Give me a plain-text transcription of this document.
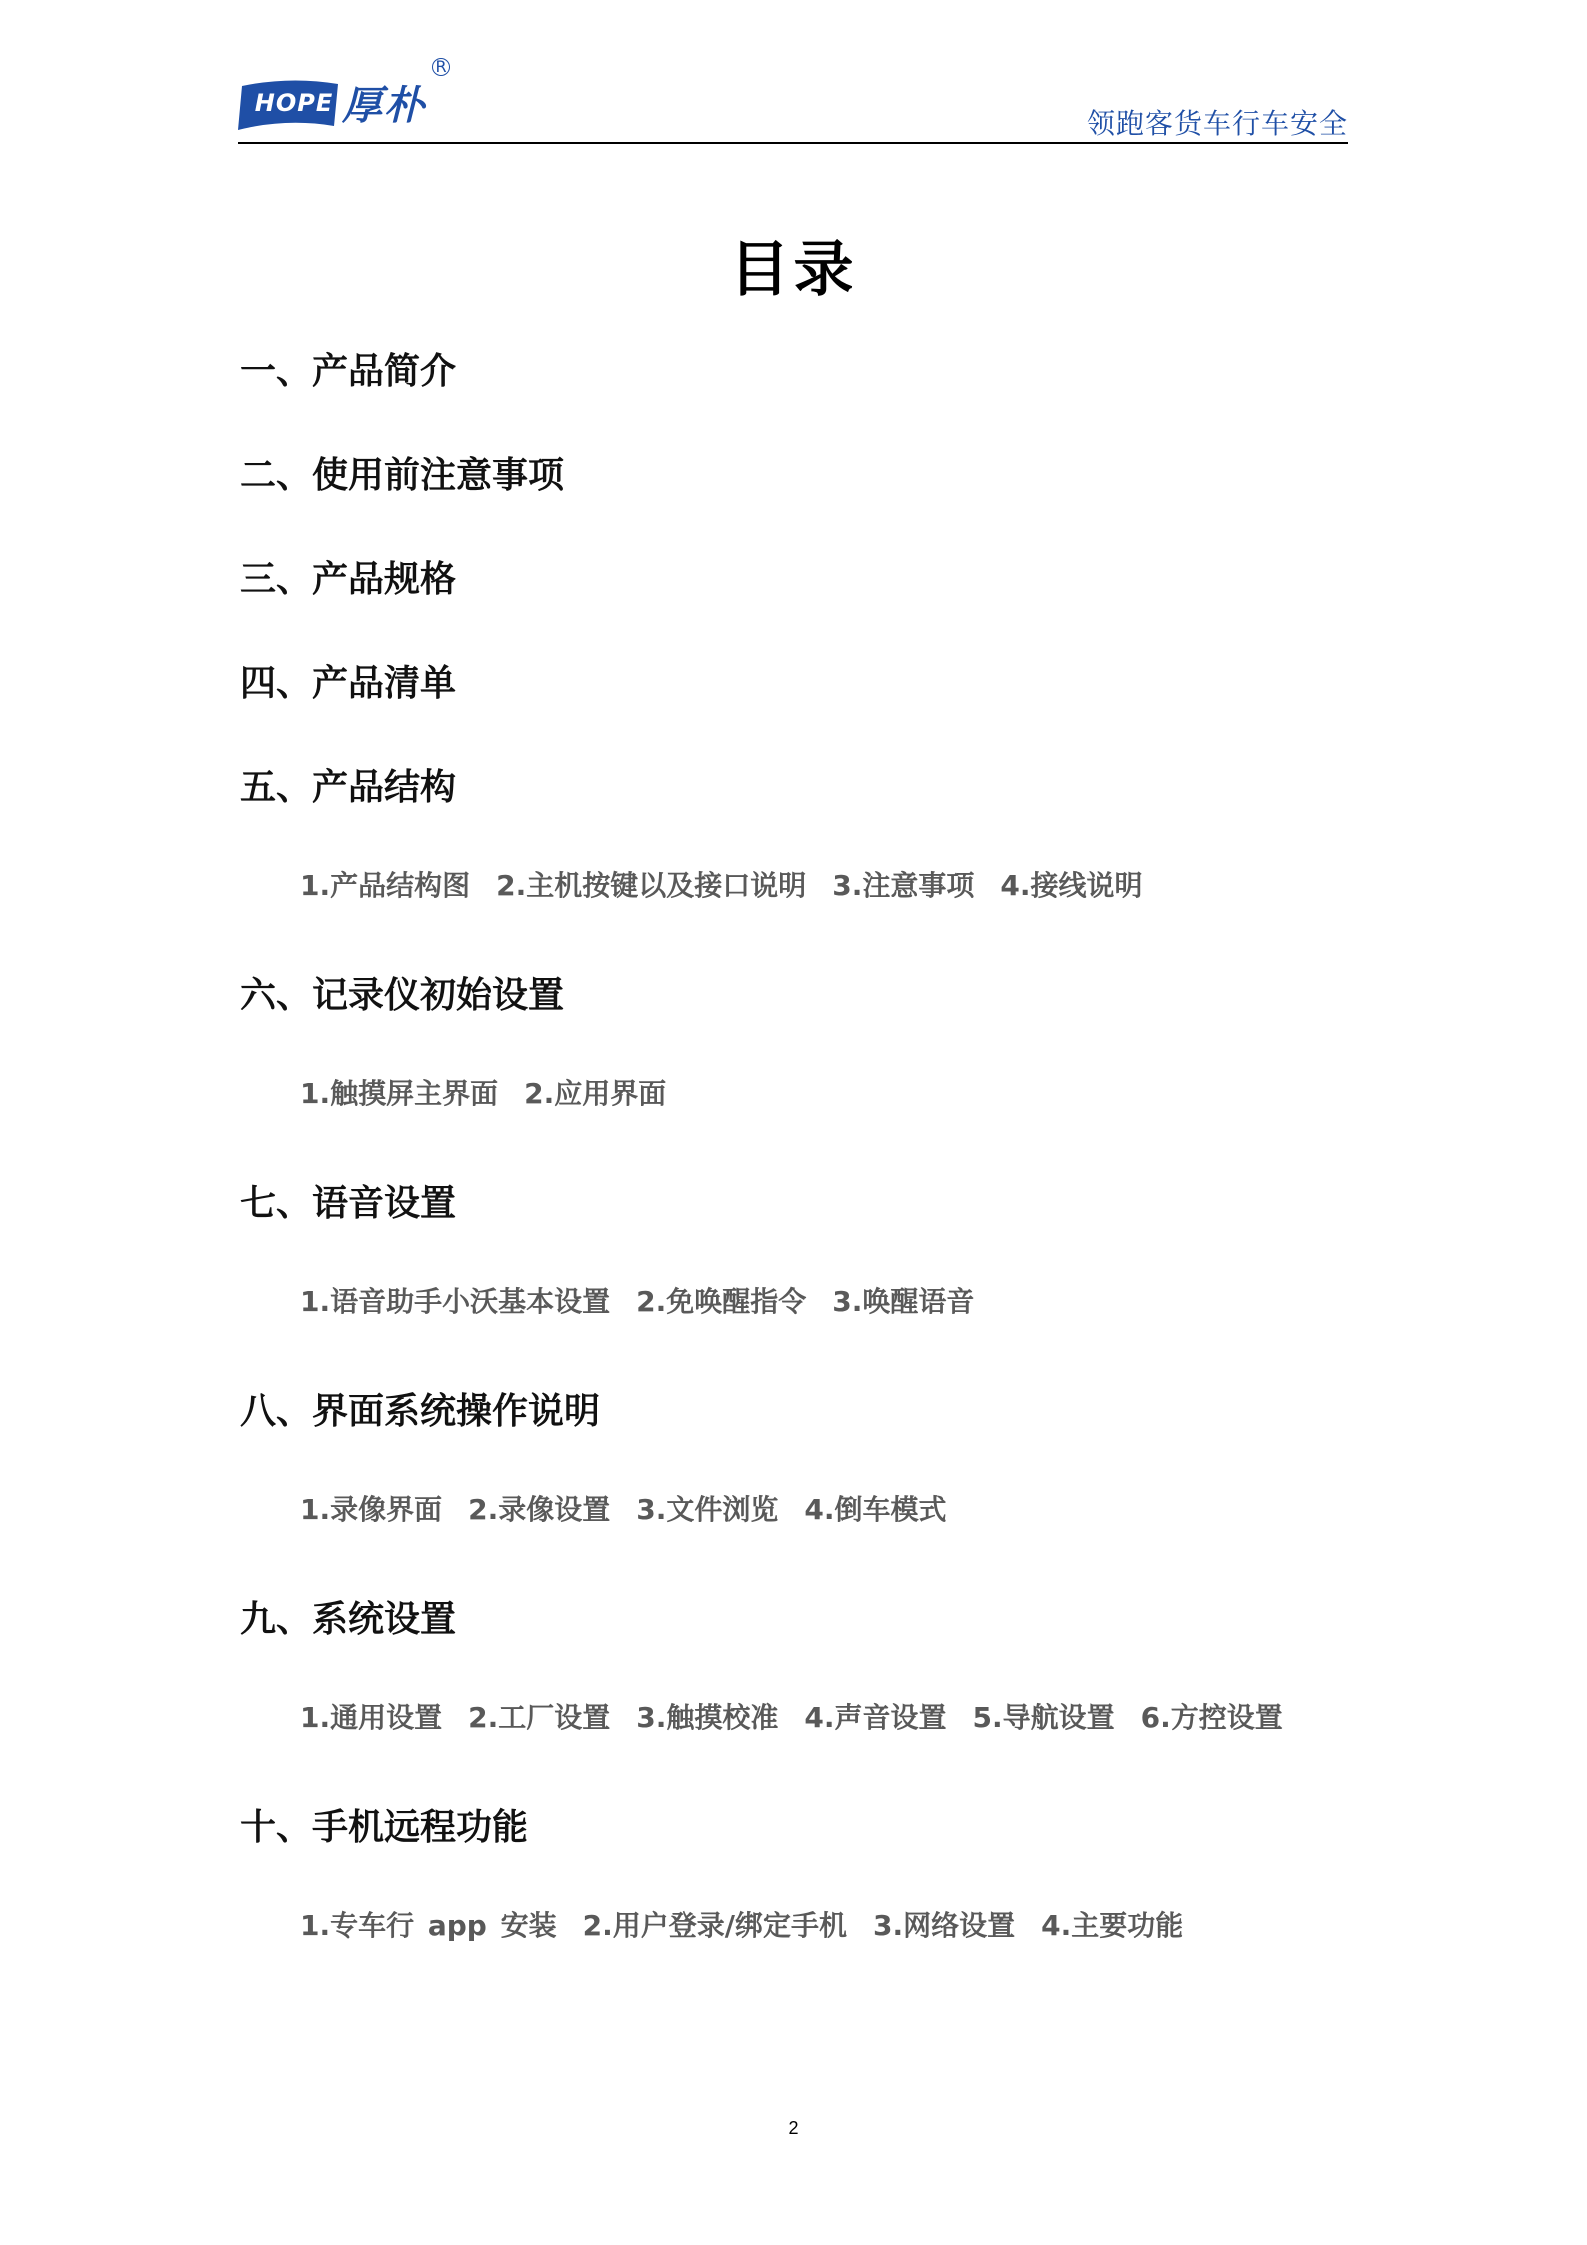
HOPE 厚朴
R
领跑客货车行车安全
目录
一、产品简介
二、使用前注意事项
三、产品规格
四、产品清单
五、产品结构
1.产品结构图 2.主机按键以及接口说明 3.注意事项 4.接线说明
六、记录仪初始设置
1.触摸屏主界面 2.应用界面
七、语音设置
1.语音助手小沃基本设置 2.免唤醒指令 3.唤醒语音
八、界面系统操作说明
1.录像界面 2.录像设置 3.文件浏览 4.倒车模式
九、系统设置
1.通用设置 2.工厂设置 3.触摸校准 4.声音设置 5.导航设置 6.方控设置
十、手机远程功能
1.专车行 app 安装 2.用户登录/绑定手机 3.网络设置 4.主要功能
2
